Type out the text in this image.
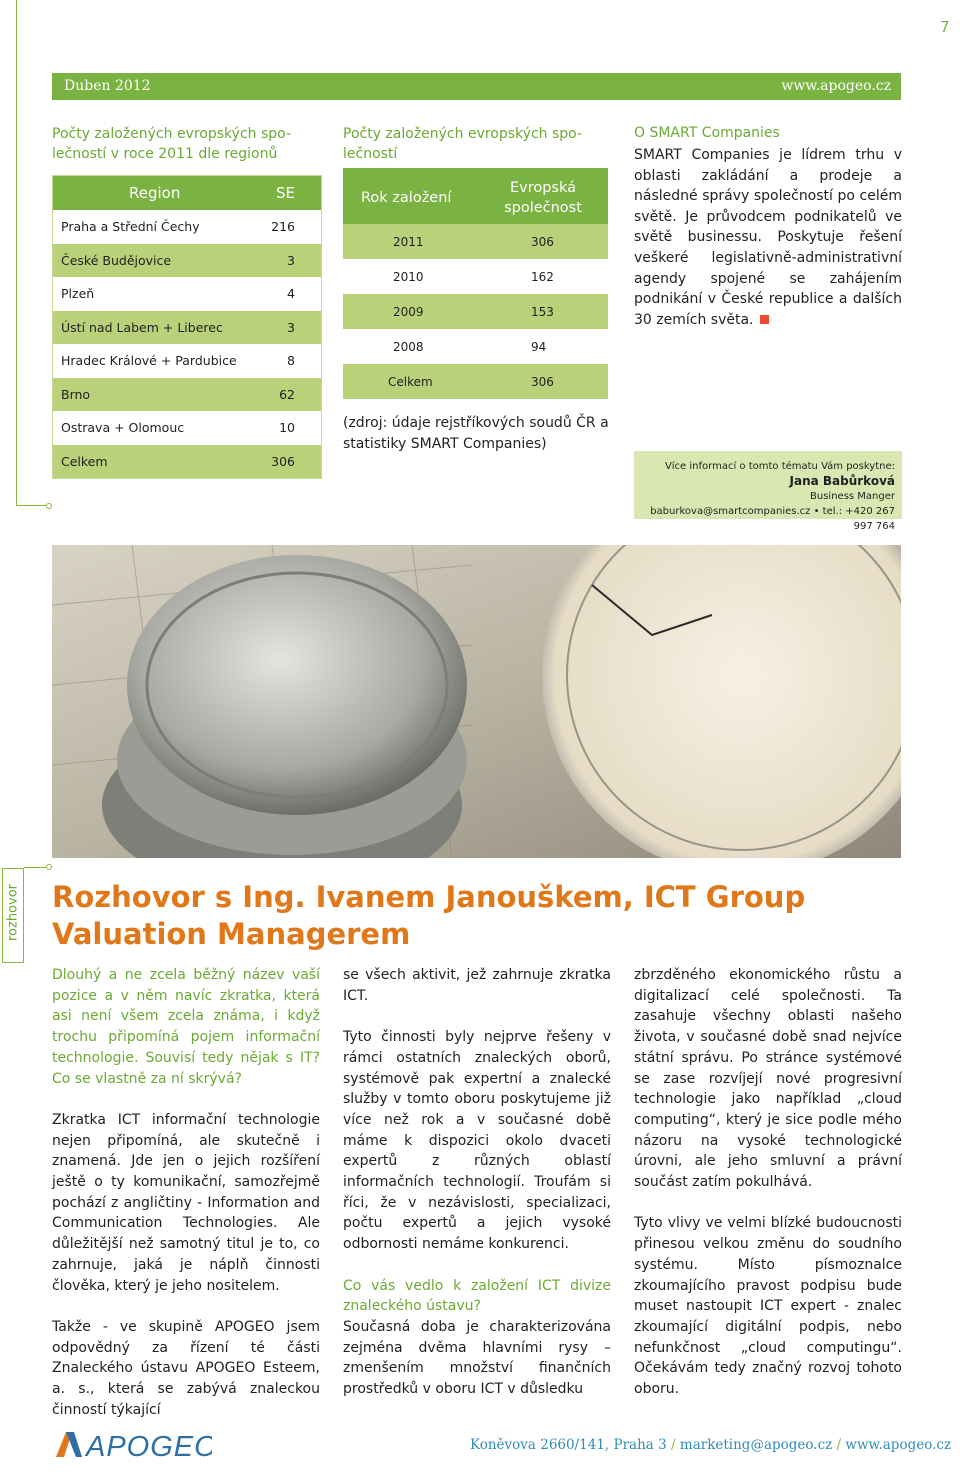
7
Duben 2012	www.apogeo.cz
Počty založených evropských spo-
lečností v roce 2011 dle regionů
Region	SE
Praha a Střední Čechy	216
České Budějovice	3
Plzeň	4
Ústí nad Labem + Liberec	3
Hradec Králové + Pardubice	8
Brno	62
Ostrava + Olomouc	10
Celkem	306
Počty založených evropských spo-
lečností
Rok založení
Evropská
společnost
2011	306
2010	162
2009	153
2008	94
Celkem	306
(zdroj: údaje rejstříkových soudů ČR a statistiky SMART Companies)
O SMART Companies
SMART Companies je lídrem trhu v oblasti zakládání a prodeje a následné správy společností po celém světě. Je průvodcem podnikatelů ve světě businessu. Poskytuje řešení veškeré legislativně-administrativní agendy spojené se zahájením podnikání v České republice a dalších 30 zemích světa.
Více informací o tomto tématu Vám poskytne:
Jana Babůrková
Business Manger
baburkova@smartcompanies.cz • tel.: +420 267 997 764
rozhovor Rozhovor s Ing. Ivanem Janouškem, ICT Group Valuation Managerem

Dlouhý a ne zcela běžný název vaší pozice a v něm navíc zkratka, která asi není všem zcela známa, i když trochu připomíná pojem informační technologie. Souvisí tedy nějak s IT? Co se vlastně za ní skrývá?

Zkratka ICT informační technologie nejen připomíná, ale skutečně i znamená. Jde jen o jejich rozšíření ještě o ty komunikační, samozřejmě pochází z angličtiny - Information and Communication Technologies. Ale důležitější než samotný titul je to, co zahrnuje, jaká je náplň činnosti člověka, který je jeho nositelem.

Takže - ve skupině APOGEO jsem odpovědný za řízení té části Znaleckého ústavu APOGEO Esteem, a. s., která se zabývá znaleckou činností týkající

se všech aktivit, jež zahrnuje zkratka ICT.

Tyto činnosti byly nejprve řešeny v rámci ostatních znaleckých oborů, systémově pak expertní a znalecké služby v tomto oboru poskytujeme již více než rok a v současné době máme k dispozici okolo dvaceti expertů z různých oblastí informačních technologií. Troufám si říci, že v nezávislosti, specializaci, počtu expertů a jejich vysoké odbornosti nemáme konkurenci.

Co vás vedlo k založení ICT divize znaleckého ústavu?

Současná doba je charakterizována zejména dvěma hlavními rysy – zmenšením množství finančních prostředků v oboru ICT v důsledku

zbrzděného ekonomického růstu a digitalizací celé společnosti. Ta zasahuje všechny oblasti našeho života, v současné době snad nejvíce státní správu. Po stránce systémové se zase rozvíjejí nové progresivní technologie jako například „cloud computing“, který je sice podle mého názoru na vysoké technologické úrovni, ale jeho smluvní a právní součást zatím pokulhává.

Tyto vlivy ve velmi blízké budoucnosti přinesou velkou změnu do soudního systému. Místo písmoznalce zkoumajícího pravost podpisu bude muset nastoupit ICT expert - znalec zkoumající digitální podpis, nebo nefunkčnost „cloud computingu“. Očekávám tedy značný rozvoj tohoto oboru.

APOGEO	Koněvova 2660/141, Praha 3 / marketing@apogeo.cz / www.apogeo.cz
